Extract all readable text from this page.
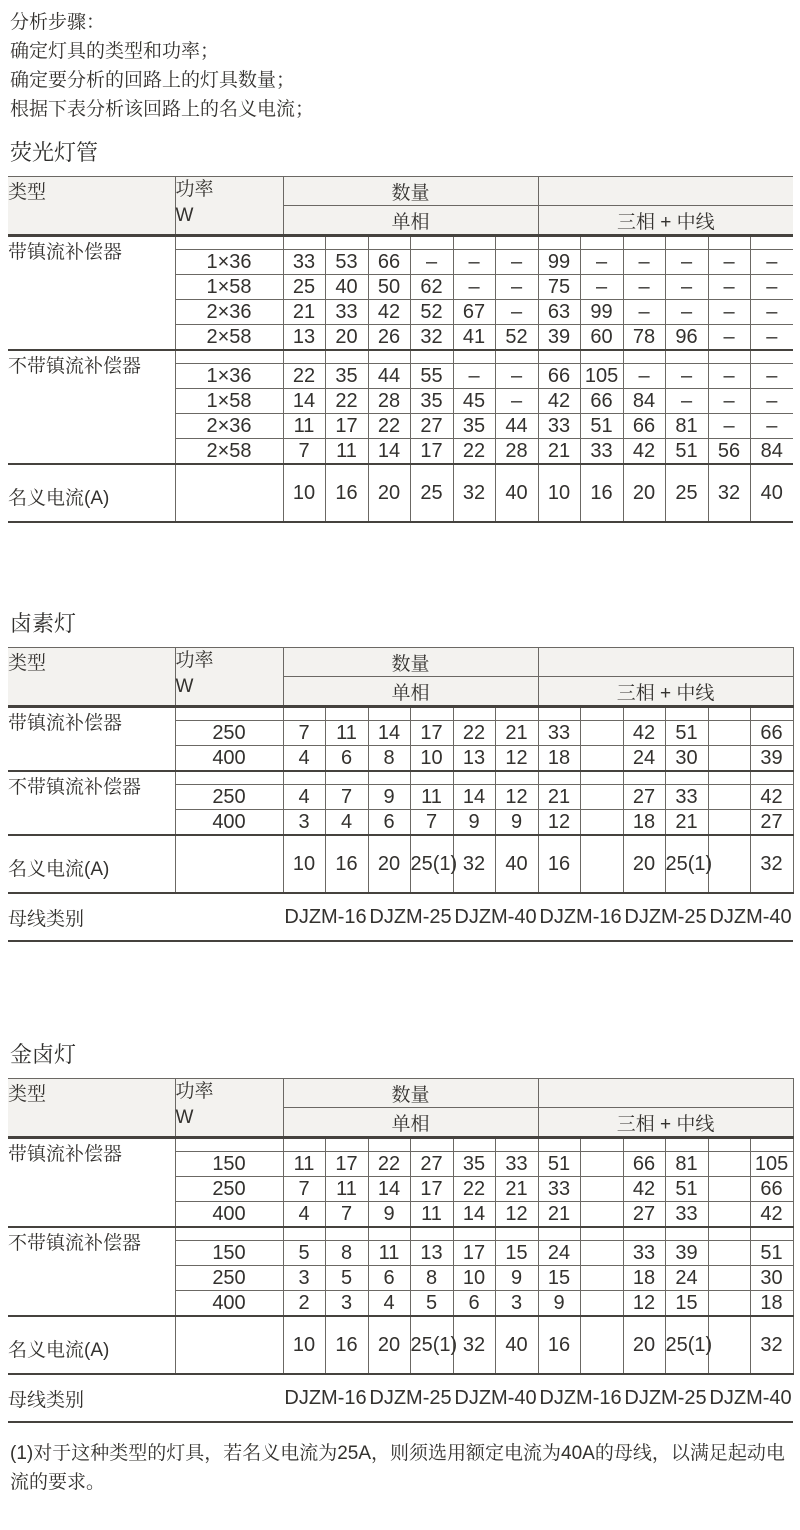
分析步骤：
确定灯具的类型和功率；
确定要分析的回路上的灯具数量；
根据下表分析该回路上的名义电流；
荧光灯管
类型	功率
W	数量											
		单相						三相 + 中线					
带镇流补偿器													
	1×36	33	53	66	–	–	–	99	–	–	–	–	–
	1×58	25	40	50	62	–	–	75	–	–	–	–	–
	2×36	21	33	42	52	67	–	63	99	–	–	–	–
	2×58	13	20	26	32	41	52	39	60	78	96	–	–
不带镇流补偿器													
	1×36	22	35	44	55	–	–	66	105	–	–	–	–
	1×58	14	22	28	35	45	–	42	66	84	–	–	–
	2×36	11	17	22	27	35	44	33	51	66	81	–	–
	2×58	7	11	14	17	22	28	21	33	42	51	56	84
名义电流(A)		10	16	20	25	32	40	10	16	20	25	32	40
卤素灯
类型	功率
W	数量											
		单相						三相 + 中线					
带镇流补偿器													
	250	7	11	14	17	22	21	33		42	51		66
	400	4	6	8	10	13	12	18		24	30		39
不带镇流补偿器													
	250	4	7	9	11	14	12	21		27	33		42
	400	3	4	6	7	9	9	12		18	21		27
名义电流(A)		10	16	20	25(1)	32	40	16		20	25(1)		32
母线类别		DJZM-16		DJZM-25		DJZM-40		DJZM-16		DJZM-25		DJZM-40	
金卤灯
类型	功率
W	数量											
		单相						三相 + 中线					
带镇流补偿器													
	150	11	17	22	27	35	33	51		66	81		105
	250	7	11	14	17	22	21	33		42	51		66
	400	4	7	9	11	14	12	21		27	33		42
不带镇流补偿器													
	150	5	8	11	13	17	15	24		33	39		51
	250	3	5	6	8	10	9	15		18	24		30
	400	2	3	4	5	6	3	9		12	15		18
名义电流(A)		10	16	20	25(1)	32	40	16		20	25(1)		32
母线类别		DJZM-16		DJZM-25		DJZM-40		DJZM-16		DJZM-25		DJZM-40	

(1)对于这种类型的灯具，若名义电流为25A，则须选用额定电流为40A的母线，以满足起动电流的要求。
